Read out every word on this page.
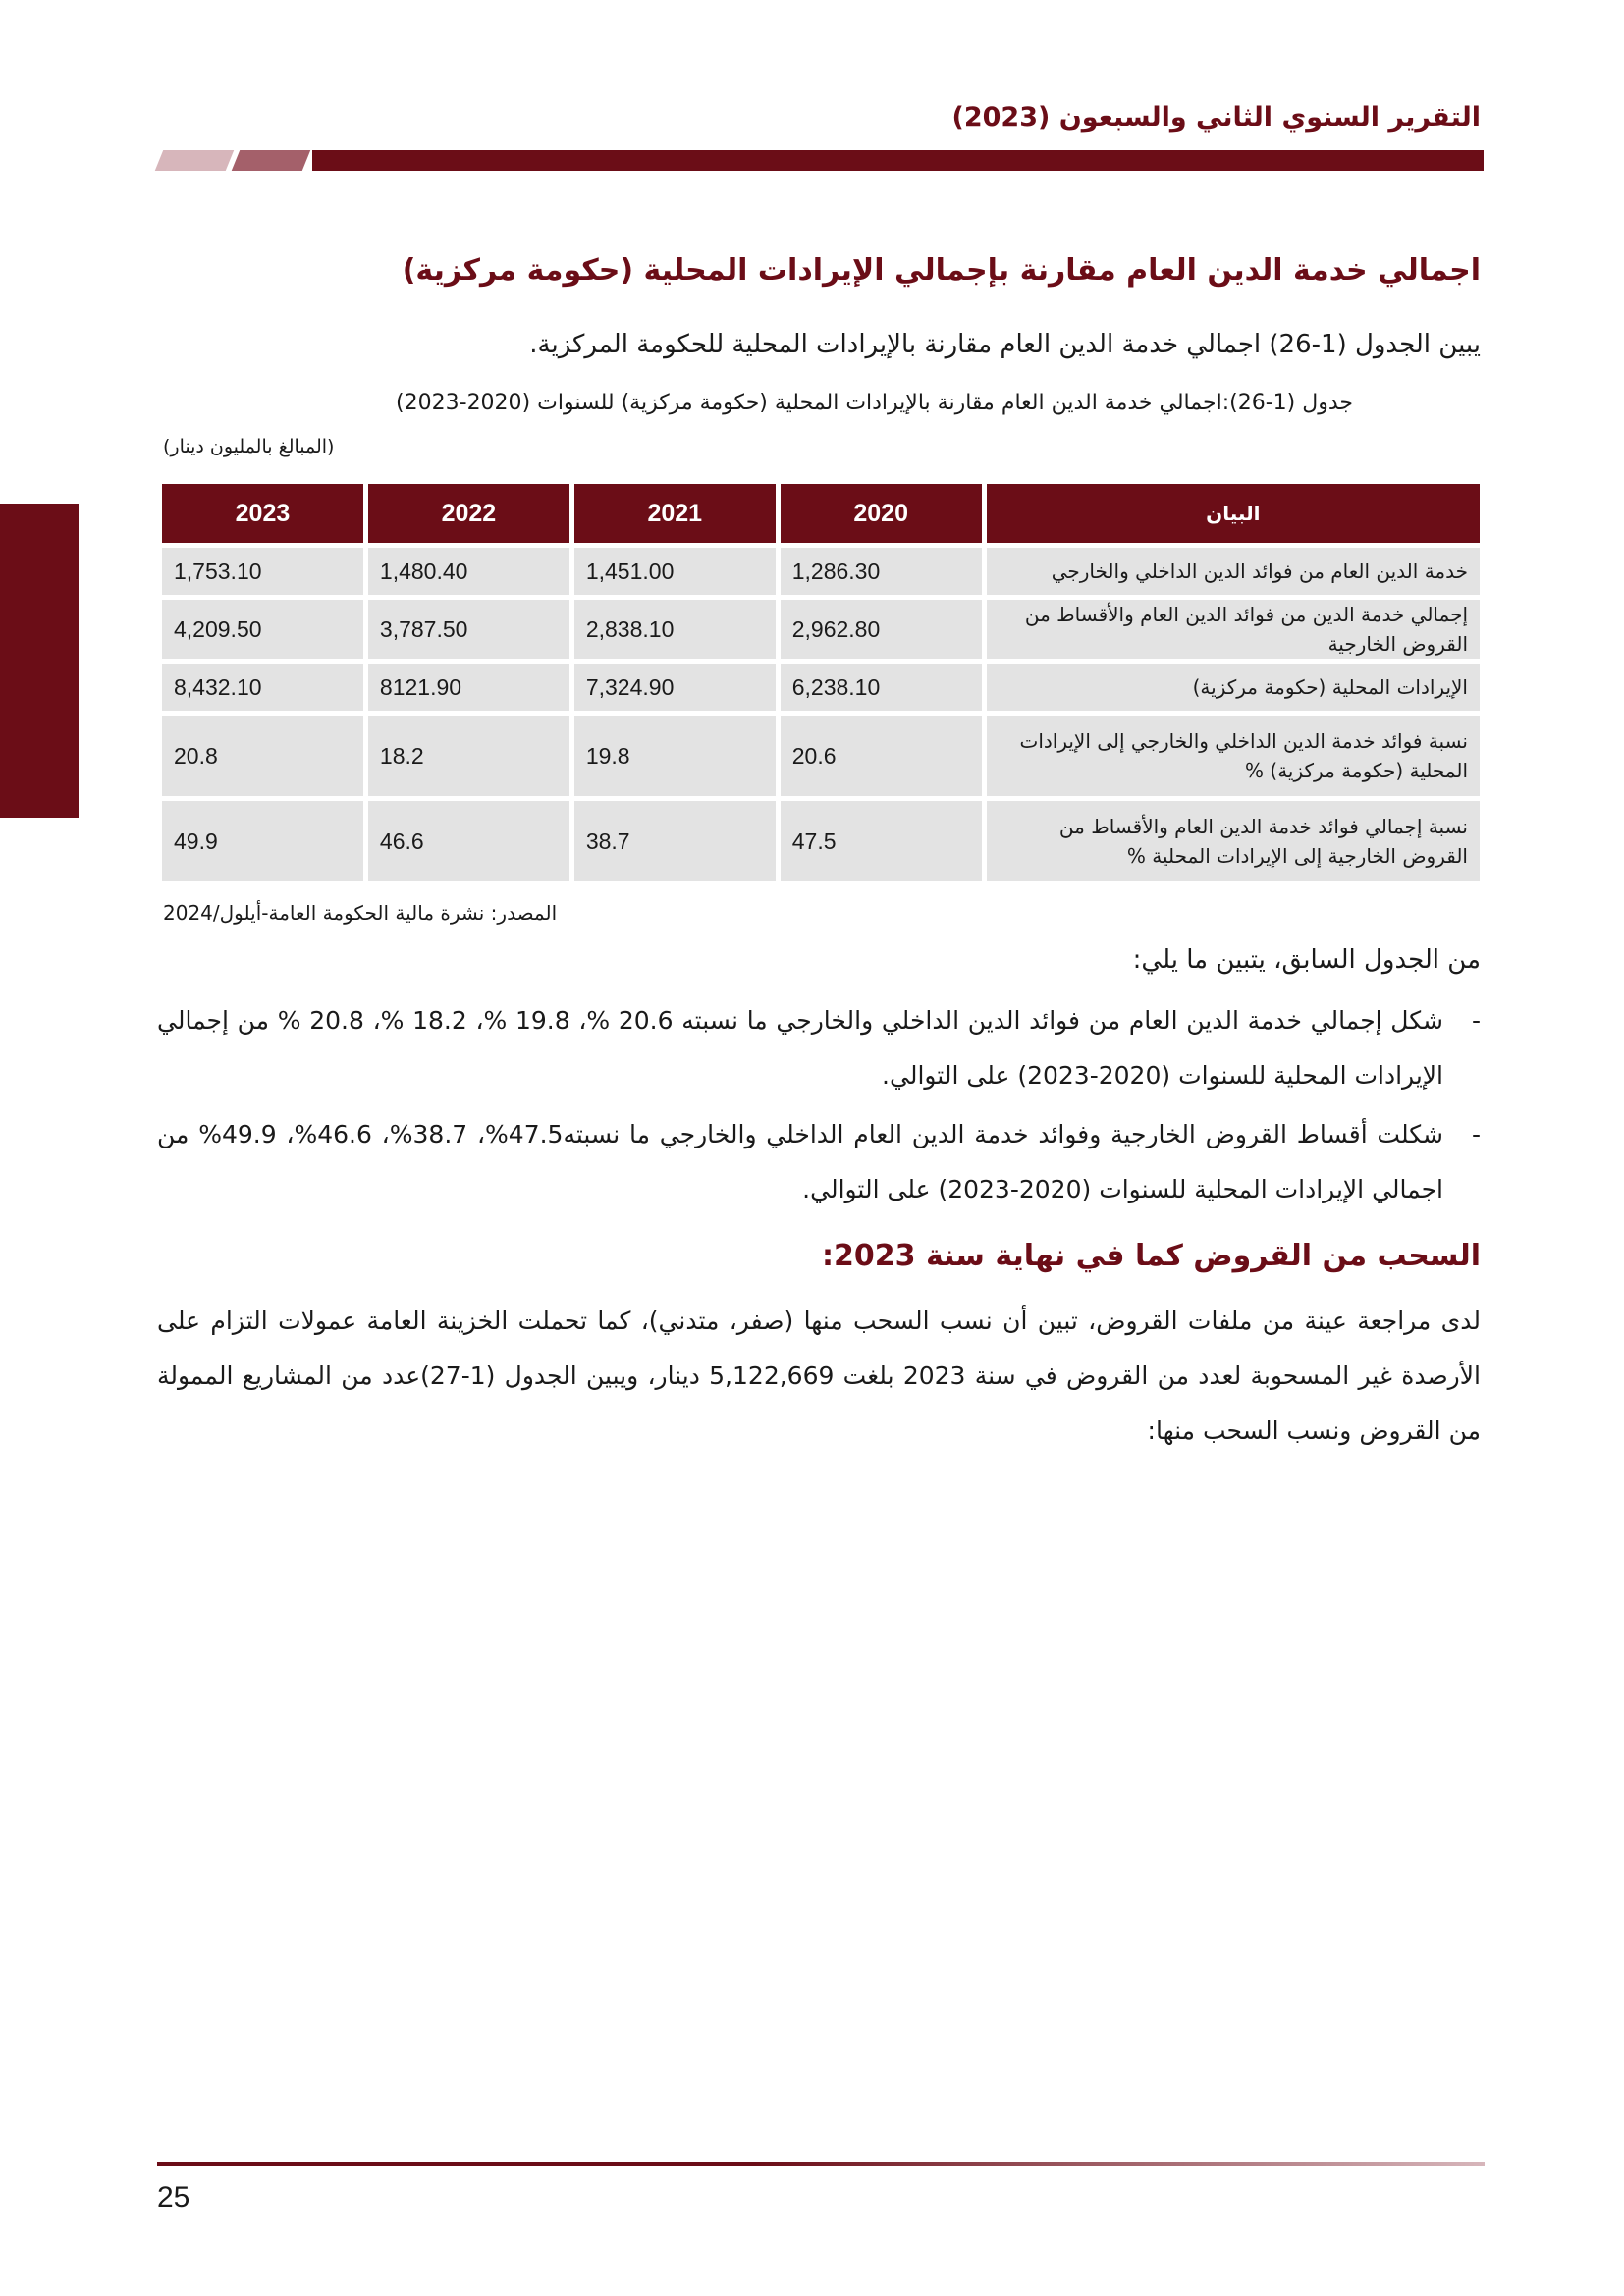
التقرير السنوي الثاني والسبعون (2023)
اجمالي خدمة الدين العام مقارنة بإجمالي الإيرادات المحلية (حكومة مركزية)
يبين الجدول (1-26) اجمالي خدمة الدين العام مقارنة بالإيرادات المحلية للحكومة المركزية.
جدول (1-26):اجمالي خدمة الدين العام مقارنة بالإيرادات المحلية (حكومة مركزية) للسنوات (2020-2023)
(المبالغ بالمليون دينار)
البيان	2020	2021	2022	2023
خدمة الدين العام من فوائد الدين الداخلي والخارجي	1,286.30	1,451.00	1,480.40	1,753.10
إجمالي خدمة الدين من فوائد الدين العام والأقساط من القروض الخارجية	2,962.80	2,838.10	3,787.50	4,209.50
الإيرادات المحلية (حكومة مركزية)	6,238.10	7,324.90	8121.90	8,432.10
نسبة فوائد خدمة الدين الداخلي والخارجي إلى الإيرادات المحلية (حكومة مركزية) %	20.6	19.8	18.2	20.8
نسبة إجمالي فوائد خدمة الدين العام والأقساط من القروض الخارجية إلى الإيرادات المحلية %	47.5	38.7	46.6	49.9
المصدر: نشرة مالية الحكومة العامة-أيلول/2024
من الجدول السابق، يتبين ما يلي:
-
شكل إجمالي خدمة الدين العام من فوائد الدين الداخلي والخارجي ما نسبته 20.6 %، 19.8 %، 18.2 %، 20.8 % من إجمالي الإيرادات المحلية للسنوات (2020-2023) على التوالي.
-
شكلت أقساط القروض الخارجية وفوائد خدمة الدين العام الداخلي والخارجي ما نسبته47.5%، 38.7%، 46.6%، 49.9% من اجمالي الإيرادات المحلية للسنوات (2020-2023) على التوالي.
السحب من القروض كما في نهاية سنة 2023:
لدى مراجعة عينة من ملفات القروض، تبين أن نسب السحب منها (صفر، متدني)، كما تحملت الخزينة العامة عمولات التزام على الأرصدة غير المسحوبة لعدد من القروض في سنة 2023 بلغت 5,122,669 دينار، ويبين الجدول (1-27)عدد من المشاريع الممولة من القروض ونسب السحب منها:
25
